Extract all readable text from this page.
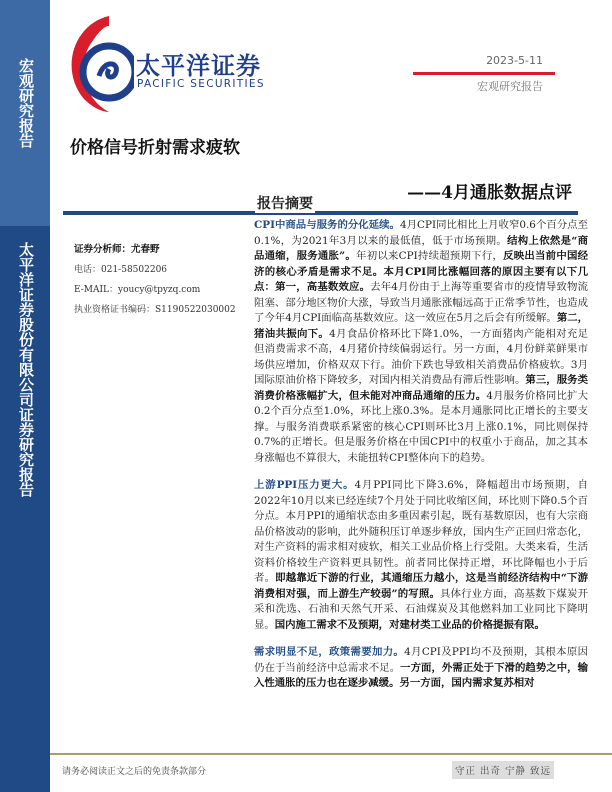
宏观研究报告
太平洋证券股份有限公司证券研究报告
太平洋证券
PACIFIC SECURITIES
2023-5-11
宏观研究报告
价格信号折射需求疲软
——4月通胀数据点评
证券分析师：尤春野
电话：021-58502206
E-MAIL：youcy@tpyzq.com
执业资格证书编码：S1190522030002
报告摘要

CPI中商品与服务的分化延续。4月CPI同比相比上月收窄0.6个百分点至0.1%，为2021年3月以来的最低值，低于市场预期。结构上依然是“商品通缩，服务通胀”。年初以来CPI持续超预期下行，反映出当前中国经济的核心矛盾是需求不足。本月CPI同比涨幅回落的原因主要有以下几点：第一，高基数效应。去年4月份由于上海等重要省市的疫情导致物流阻塞、部分地区物价大涨，导致当月通胀涨幅远高于正常季节性，也造成了今年4月CPI面临高基数效应。这一效应在5月之后会有所缓解。第二，猪油共振向下。4月食品价格环比下降1.0%，一方面猪肉产能相对充足但消费需求不高，4月猪价持续偏弱运行。另一方面，4月份鲜菜鲜果市场供应增加，价格双双下行。油价下跌也导致相关消费品价格疲软。3月国际原油价格下降较多，对国内相关消费品有滞后性影响。第三，服务类消费价格涨幅扩大，但未能对冲商品通缩的压力。4月服务价格同比扩大0.2个百分点至1.0%，环比上涨0.3%。是本月通胀同比正增长的主要支撑。与服务消费联系紧密的核心CPI则环比3月上涨0.1%，同比则保持0.7%的正增长。但是服务价格在中国CPI中的权重小于商品，加之其本身涨幅也不算很大，未能扭转CPI整体向下的趋势。

上游PPI压力更大。4月PPI同比下降3.6%，降幅超出市场预期，自2022年10月以来已经连续7个月处于同比收缩区间，环比则下降0.5个百分点。本月PPI的通缩状态由多重因素引起，既有基数原因，也有大宗商品价格波动的影响，此外随积压订单逐步释放，国内生产正回归常态化，对生产资料的需求相对疲软，相关工业品价格上行受阻。大类来看，生活资料价格较生产资料更具韧性。前者同比保持正增，环比降幅也小于后者。即越靠近下游的行业，其通缩压力越小，这是当前经济结构中“下游消费相对强，而上游生产较弱”的写照。具体行业方面，高基数下煤炭开采和洗选、石油和天然气开采、石油煤炭及其他燃料加工业同比下降明显。国内施工需求不及预期，对建材类工业品的价格提振有限。

需求明显不足，政策需要加力。4月CPI及PPI均不及预期，其根本原因仍在于当前经济中总需求不足。一方面，外需正处于下滑的趋势之中，输入性通胀的压力也在逐步减缓。另一方面，国内需求复苏相对

请务必阅读正文之后的免责条款部分	守正 出奇 宁静 致远
